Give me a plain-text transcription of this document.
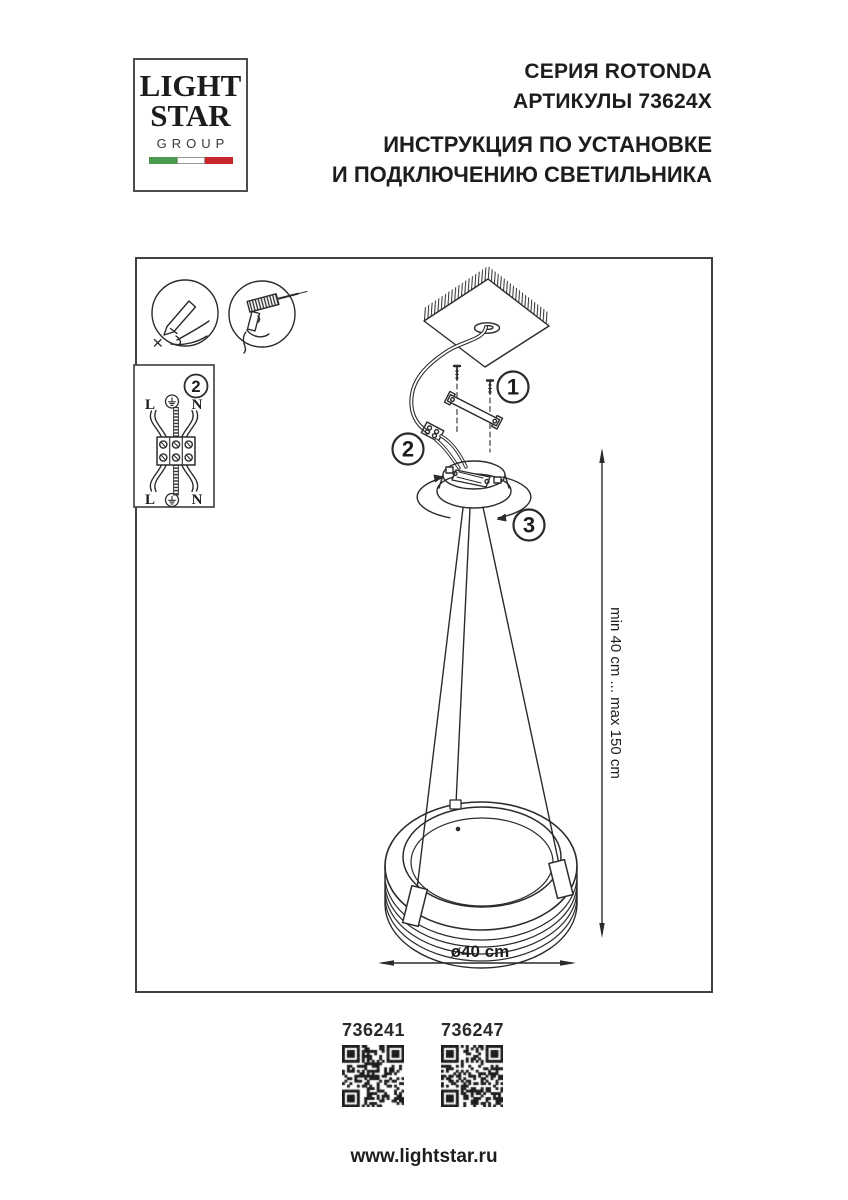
LIGHT
STAR
GROUP

СЕРИЯ ROTONDA
АРТИКУЛЫ 73624X

ИНСТРУКЦИЯ ПО УСТАНОВКЕ
И ПОДКЛЮЧЕНИЮ СВЕТИЛЬНИКА

L N
L N
2	1
2
3
min 40 cm ... max 150 cm
ø40 cm
736241 736247
www.lightstar.ru
